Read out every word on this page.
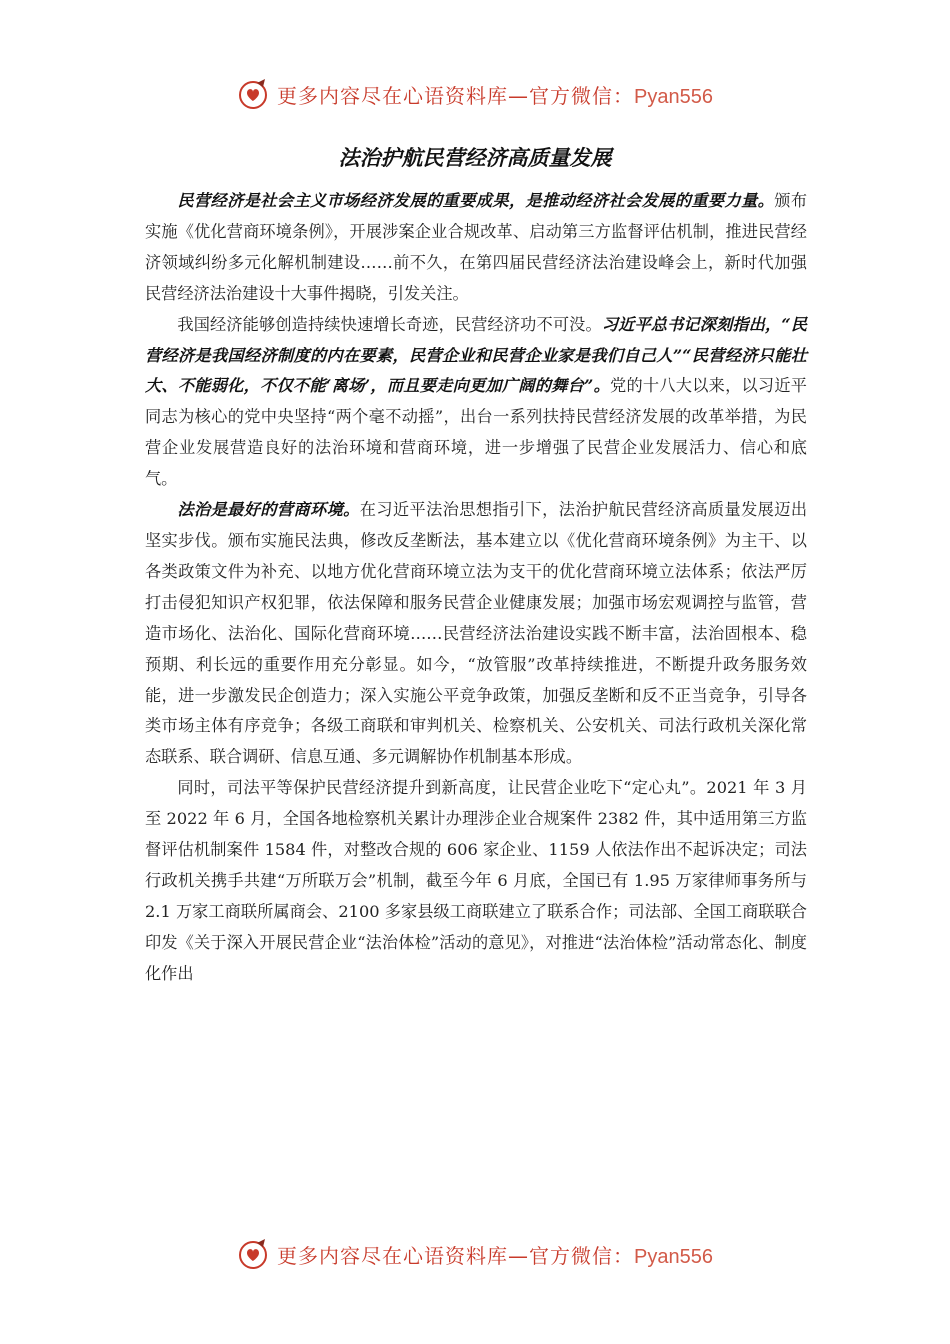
更多内容尽在心语资料库—官方微信：Pyan556
法治护航民营经济高质量发展

民营经济是社会主义市场经济发展的重要成果，是推动经济社会发展的重要力量。颁布实施《优化营商环境条例》，开展涉案企业合规改革、启动第三方监督评估机制，推进民营经济领域纠纷多元化解机制建设……前不久，在第四届民营经济法治建设峰会上，新时代加强民营经济法治建设十大事件揭晓，引发关注。

我国经济能够创造持续快速增长奇迹，民营经济功不可没。习近平总书记深刻指出，“民营经济是我国经济制度的内在要素，民营企业和民营企业家是我们自己人”“民营经济只能壮大、不能弱化，不仅不能‘离场’，而且要走向更加广阔的舞台”。党的十八大以来，以习近平同志为核心的党中央坚持“两个毫不动摇”，出台一系列扶持民营经济发展的改革举措，为民营企业发展营造良好的法治环境和营商环境，进一步增强了民营企业发展活力、信心和底气。

法治是最好的营商环境。在习近平法治思想指引下，法治护航民营经济高质量发展迈出坚实步伐。颁布实施民法典，修改反垄断法，基本建立以《优化营商环境条例》为主干、以各类政策文件为补充、以地方优化营商环境立法为支干的优化营商环境立法体系；依法严厉打击侵犯知识产权犯罪，依法保障和服务民营企业健康发展；加强市场宏观调控与监管，营造市场化、法治化、国际化营商环境……民营经济法治建设实践不断丰富，法治固根本、稳预期、利长远的重要作用充分彰显。如今，“放管服”改革持续推进，不断提升政务服务效能，进一步激发民企创造力；深入实施公平竞争政策，加强反垄断和反不正当竞争，引导各类市场主体有序竞争；各级工商联和审判机关、检察机关、公安机关、司法行政机关深化常态联系、联合调研、信息互通、多元调解协作机制基本形成。

同时，司法平等保护民营经济提升到新高度，让民营企业吃下“定心丸”。2021 年 3 月至 2022 年 6 月，全国各地检察机关累计办理涉企业合规案件 2382 件，其中适用第三方监督评估机制案件 1584 件，对整改合规的 606 家企业、1159 人依法作出不起诉决定；司法行政机关携手共建“万所联万会”机制，截至今年 6 月底，全国已有 1.95 万家律师事务所与 2.1 万家工商联所属商会、2100 多家县级工商联建立了联系合作；司法部、全国工商联联合印发《关于深入开展民营企业“法治体检”活动的意见》，对推进“法治体检”活动常态化、制度化作出

更多内容尽在心语资料库—官方微信：Pyan556
